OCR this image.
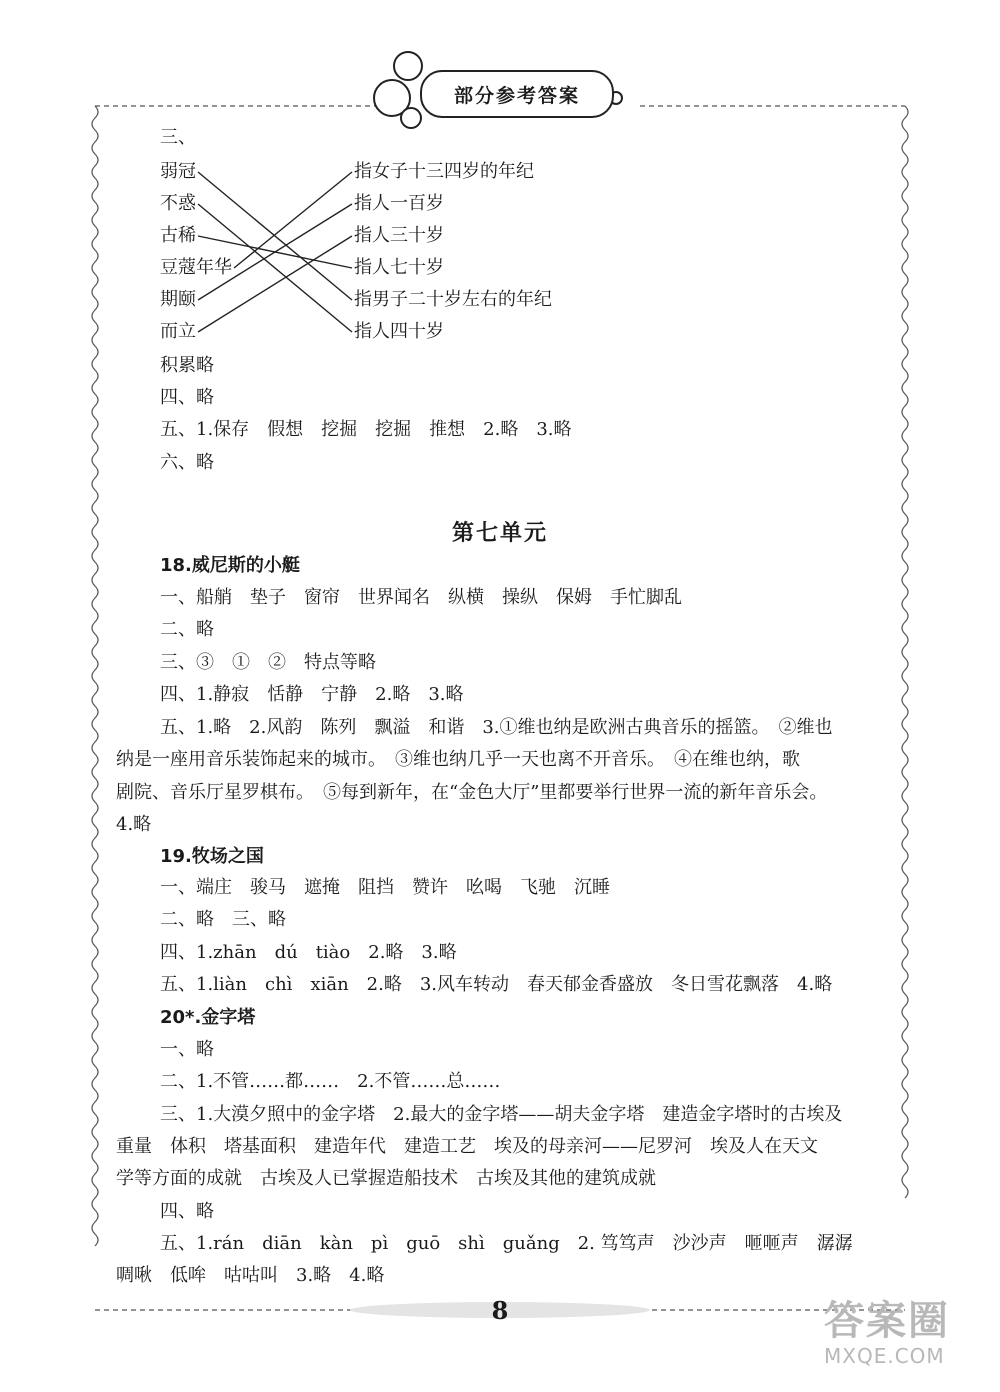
部分参考答案
三、
弱冠
不惑
古稀
豆蔻年华
期颐
而立
指女子十三四岁的年纪
指人一百岁
指人三十岁
指人七十岁
指男子二十岁左右的年纪
指人四十岁
积累略
四、略
五、1.保存　假想　挖掘　挖掘　推想　2.略　3.略
六、略
第七单元
18.威尼斯的小艇
一、船艄　垫子　窗帘　世界闻名　纵横　操纵　保姆　手忙脚乱
二、略
三、③　①　②　特点等略
四、1.静寂　恬静　宁静　2.略　3.略
五、1.略　2.风韵　陈列　飘溢　和谐　3.①维也纳是欧洲古典音乐的摇篮。　②维也
纳是一座用音乐装饰起来的城市。　③维也纳几乎一天也离不开音乐。　④在维也纳，歌
剧院、音乐厅星罗棋布。　⑤每到新年，在“金色大厅”里都要举行世界一流的新年音乐会。
4.略
19.牧场之国
一、端庄　骏马　遮掩　阻挡　赞许　吆喝　飞驰　沉睡
二、略　三、略
四、1.zhān　dú　tiào　2.略　3.略
五、1.liàn　chì　xiān　2.略　3.风车转动　春天郁金香盛放　冬日雪花飘落　4.略
20*.金字塔
一、略
二、1.不管……都……　2.不管……总……
三、1.大漠夕照中的金字塔　2.最大的金字塔——胡夫金字塔　建造金字塔时的古埃及
重量　体积　塔基面积　建造年代　建造工艺　埃及的母亲河——尼罗河　埃及人在天文
学等方面的成就　古埃及人已掌握造船技术　古埃及其他的建筑成就
四、略
五、1.rán　diān　kàn　pì　guō　shì　guǎng　2. 笃笃声　沙沙声　咂咂声　潺潺
啁啾　低哞　咕咕叫　3.略　4.略
8	答案圈
MXQE.COM
